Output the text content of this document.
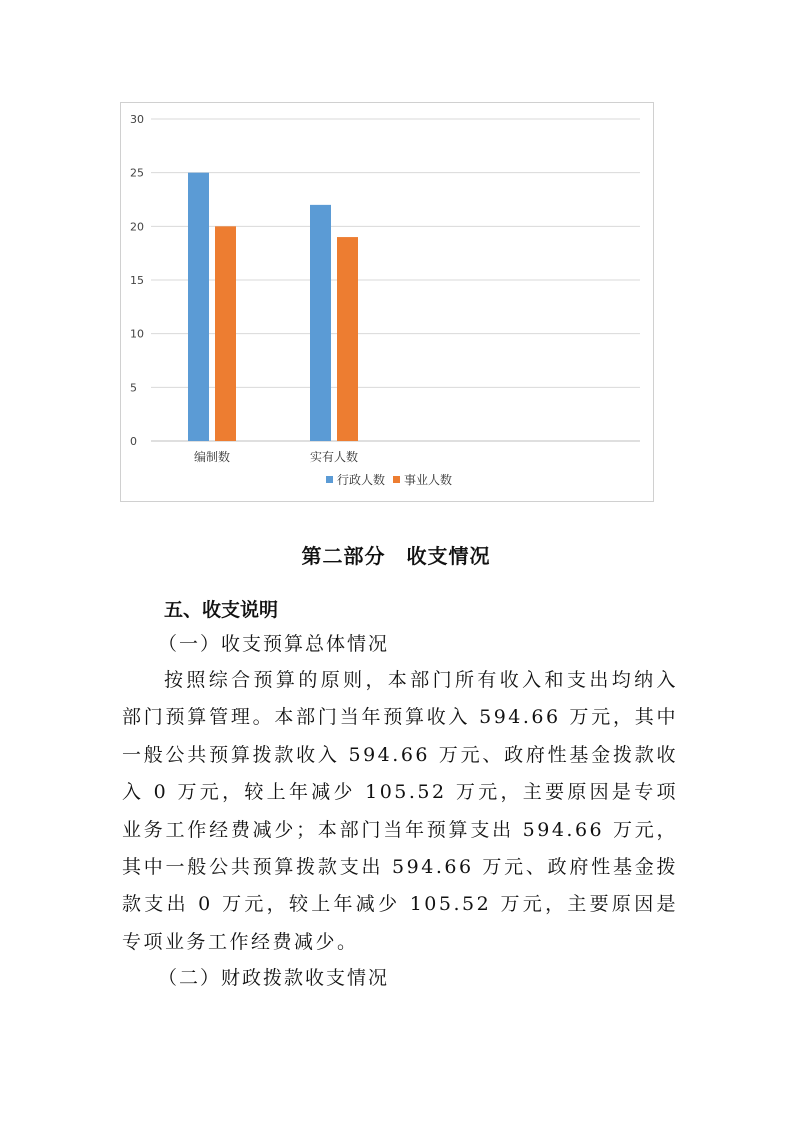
0
5
10
15
20
25
30
编制数	实有人数
行政人数 事业人数
第二部分　收支情况
五、收支说明
（一）收支预算总体情况

按照综合预算的原则，本部门所有收入和支出均纳入部门预算管理。本部门当年预算收入 594.66 万元，其中一般公共预算拨款收入 594.66 万元、政府性基金拨款收入 0 万元，较上年减少 105.52 万元，主要原因是专项业务工作经费减少；本部门当年预算支出 594.66 万元，其中一般公共预算拨款支出 594.66 万元、政府性基金拨款支出 0 万元，较上年减少 105.52 万元，主要原因是专项业务工作经费减少。

（二）财政拨款收支情况
